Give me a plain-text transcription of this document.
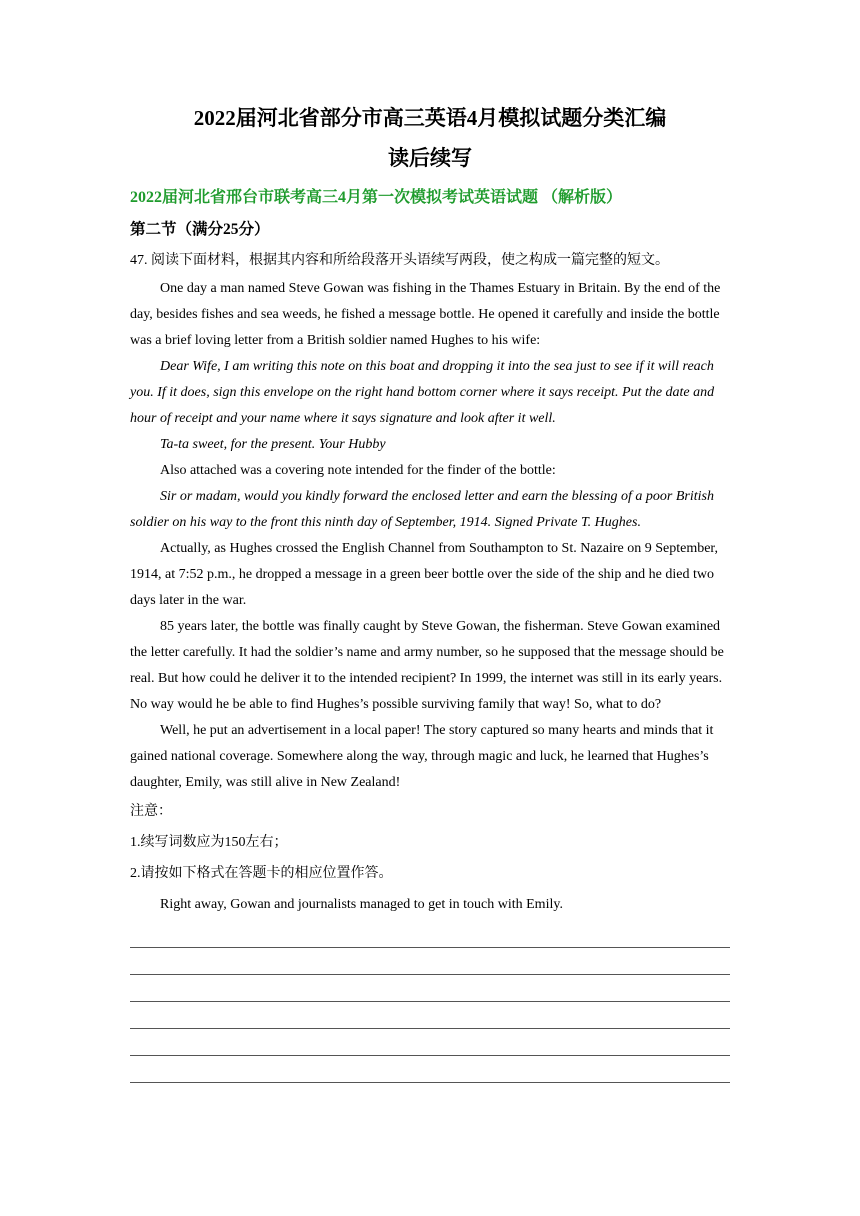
2022届河北省部分市高三英语4月模拟试题分类汇编
读后续写
2022届河北省邢台市联考高三4月第一次模拟考试英语试题 （解析版）
第二节（满分25分）
47. 阅读下面材料，根据其内容和所给段落开头语续写两段，使之构成一篇完整的短文。

One day a man named Steve Gowan was fishing in the Thames Estuary in Britain. By the end of the day, besides fishes and sea weeds, he fished a message bottle. He opened it carefully and inside the bottle was a brief loving letter from a British soldier named Hughes to his wife:

Dear Wife, I am writing this note on this boat and dropping it into the sea just to see if it will reach you. If it does, sign this envelope on the right hand bottom corner where it says receipt. Put the date and hour of receipt and your name where it says signature and look after it well.

Ta-ta sweet, for the present. Your Hubby

Also attached was a covering note intended for the finder of the bottle:

Sir or madam, would you kindly forward the enclosed letter and earn the blessing of a poor British soldier on his way to the front this ninth day of September, 1914. Signed Private T. Hughes.

Actually, as Hughes crossed the English Channel from Southampton to St. Nazaire on 9 September, 1914, at 7:52 p.m., he dropped a message in a green beer bottle over the side of the ship and he died two days later in the war.

85 years later, the bottle was finally caught by Steve Gowan, the fisherman. Steve Gowan examined the letter carefully. It had the soldier’s name and army number, so he supposed that the message should be real. But how could he deliver it to the intended recipient? In 1999, the internet was still in its early years. No way would he be able to find Hughes’s possible surviving family that way! So, what to do?

Well, he put an advertisement in a local paper! The story captured so many hearts and minds that it gained national coverage. Somewhere along the way, through magic and luck, he learned that Hughes’s daughter, Emily, was still alive in New Zealand!

注意：
1.续写词数应为150左右；
2.请按如下格式在答题卡的相应位置作答。
Right away, Gowan and journalists managed to get in touch with Emily.
